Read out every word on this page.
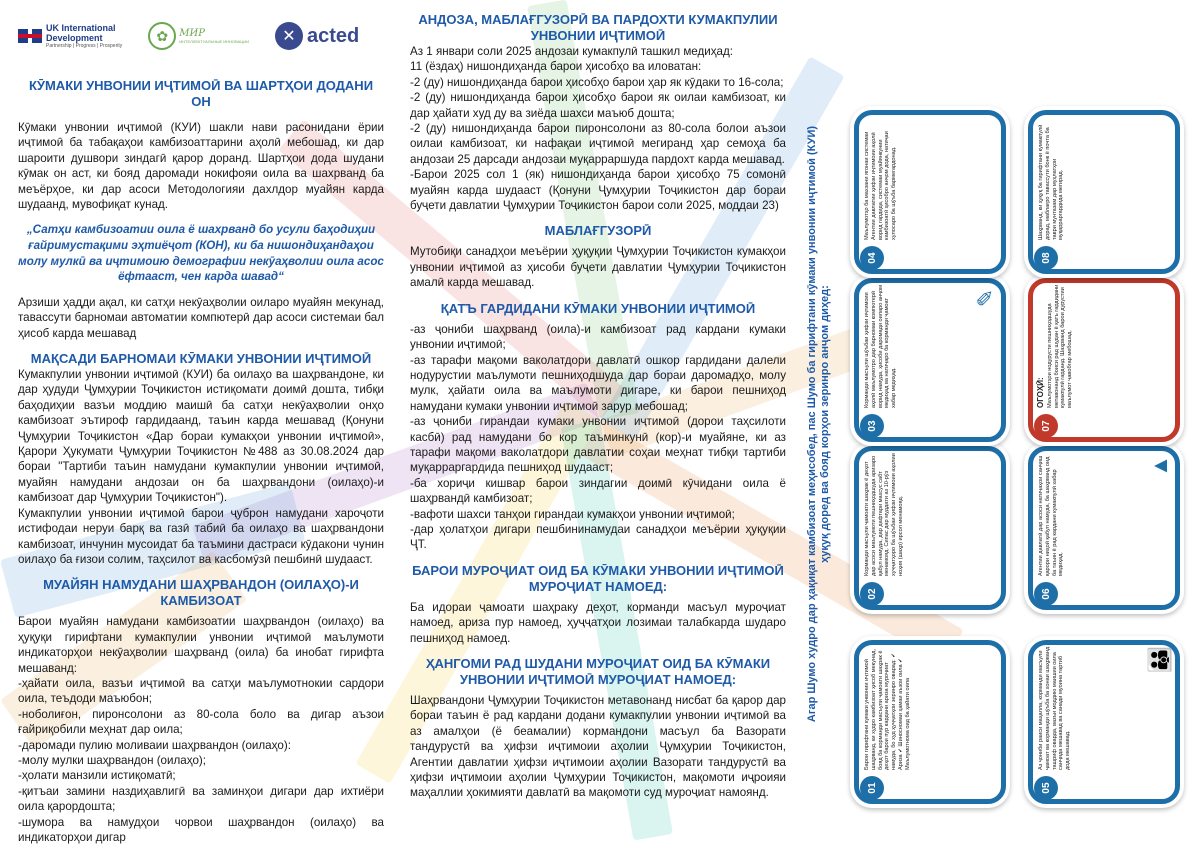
UK International
Development
Partnership | Progress | Prosperity
✿	МИР
ИНТЕЛЛЕКТУАЛЬНЫЕ ИННОВАЦИИ	✕ acted
КӮМАКИ УНВОНИИ ИҶТИМОӢ ВА ШАРТҲОИ ДОДАНИ ОН

Кӯмаки унвонии иҷтимоӣ (КУИ) шакли нави расонидани ёрии иҷтимоӣ ба табақаҳои камбизоаттарини аҳолӣ мебошад, ки дар шароити душвори зиндагӣ қарор доранд. Шартҳои дода шудани кӯмак он аст, ки бояд даромади нокифояи оила ва шахрванд ба меъёрҳое, ки дар асоси Методологияи дахлдор муайян карда шудаанд, мувофиқат кунад.

„Сатҳи камбизоатии оила ё шахрванд бо усули баҳодиҳии ғайримустақими эҳтиёҷот (КОН), ки ба нишондиҳандаҳои молу мулкӣ ва иҷтимоию демографии некӯаҳволии оила асос ёфтааст, чен карда шавад“

Арзиши ҳадди ақал, ки сатҳи некӯаҳволии оиларо муайян мекунад, тавассути барномаи автоматии компютерӣ дар асоси системаи бал ҳисоб карда мешавад

МАҚСАДИ БАРНОМАИ КӮМАКИ УНВОНИИ ИҶТИМОӢ

Кумакпулии унвонии иҷтимоӣ (КУИ) ба оилаҳо ва шаҳрвандоне, ки дар ҳудуди Ҷумҳурии Тоҷикистон истиқомати доимӣ дошта, тибқи баҳодиҳии вазъи моддию маишӣ ба сатҳи некӯаҳволии онҳо камбизоат эътироф гардидаанд, таъин карда мешавад (Қонуни Ҷумҳурии Тоҷикистон «Дар бораи кумакҳои унвонии иҷтимоӣ», Қарори Ҳукумати Ҷумҳурии Тоҷикистон №488 аз 30.08.2024 дар бораи "Тартиби таъин намудани кумакпулии унвонии иҷтимоӣ, муайян намудани андозаи он ба шаҳрвандони (оилаҳо)-и камбизоат дар Ҷумҳурии Тоҷикистон").

Кумакпулии унвонии иҷтимоӣ барои ҷуброн намудани хароҷоти истифодаи неруи барқ ва газӣ табиӣ ба оилаҳо ва шаҳрвандони камбизоат, инчунин мусоидат ба таъмини дастраси кӯдакони чунин оилаҳо ба ғизои солим, таҳсилот ва касбомӯзӣ пешбинӣ шудааст.

МУАЙЯН НАМУДАНИ ШАҲРВАНДОН (ОИЛАҲО)-И КАМБИЗОАТ

Барои муайян намудани камбизоатии шаҳрвандон (оилаҳо) ва ҳуқуқи гирифтани кумакпулии унвонии иҷтимоӣ маълумоти индикаторҳои некӯаҳволии шаҳрванд (оила) ба инобат гирифта мешаванд:

-ҳайати оила, вазъи иҷтимоӣ ва сатҳи маълумотнокии сардори оила, теъдоди маъюбон;
-ноболиғон, пиронсолони аз 80-сола боло ва дигар аъзои ғайриқобили меҳнат дар оила;
-даромади пулию моливаии шаҳрвандон (оилаҳо):
-молу мулки шаҳрвандон (оилаҳо);
-ҳолати манзили истиқоматӣ;
-қитъаи замини наздиҳавлигӣ ва заминҳои дигари дар ихтиёри оила қарордошта;
-шумора ва намудҳои чорвои шаҳрвандон (оилаҳо) ва индикаторҳои дигар
АНДОЗА, МАБЛАҒГУЗОРӢ ВА ПАРДОХТИ КУМАКПУЛИИ УНВОНИИ ИҶТИМОӢ
Аз 1 январи соли 2025 андозаи кумакпулӣ ташкил медиҳад:
11 (ёздаҳ) нишондиҳанда барои ҳисобҳо ва иловатан:
-2 (ду) нишондиҳанда барои ҳисобҳо барои ҳар як кӯдаки то 16-сола;
-2 (ду) нишондиҳанда барои ҳисобҳо барои як оилаи камбизоат, ки дар ҳайати худ ду ва зиёда шахси маъюб дошта;
-2 (ду) нишондиҳанда барои пиронсолони аз 80-сола болои аъзои оилаи камбизоат, ки нафақаи иҷтимоӣ мегиранд ҳар семоҳа ба андозаи 25 дарсади андозаи муқарраршуда пардохт карда мешавад.
-Барои 2025 сол 1 (як) нишондиҳанда барои ҳисобҳо 75 сомонӣ муайян карда шудааст (Қонуни Ҷумҳурии Тоҷикистон дар бораи буҷети давлатии Ҷумҳурии Тоҷикистон барои соли 2025, моддаи 23)
МАБЛАҒГУЗОРӢ

Мутобиқи санадҳои меъёрии ҳуқуқии Ҷумҳурии Тоҷикистон кумакҳои унвонии иҷтимоӣ аз ҳисоби буҷети давлатии Ҷумҳурии Тоҷикистон амалӣ карда мешавад.

ҚАТЪ ГАРДИДАНИ КӮМАКИ УНВОНИИ ИҶТИМОӢ
-аз ҷониби шаҳрванд (оила)-и камбизоат рад кардани кумаки унвонии иҷтимоӣ;
-аз тарафи мақоми ваколатдори давлатӣ ошкор гардидани далели нодурустии маълумоти пешниҳодшуда дар бораи даромадҳо, молу мулк, ҳайати оила ва маълумоти дигаре, ки барои пешниҳод намудани кумаки унвонии иҷтимоӣ зарур мебошад;
-аз ҷониби гирандаи кумаки унвонии иҷтимоӣ (дорои таҳсилоти касбӣ) рад намудани бо кор таъминкунӣ (кор)-и муайяне, ки аз тарафи мақоми ваколатдори давлатии соҳаи меҳнат тибқи тартиби муқарраргардида пешниҳод шудааст;
-ба хориҷи кишвар барои зиндагии доимӣ кӯчидани оила ё шаҳрвандӣ камбизоат;
-вафоти шахси танҳои гирандаи кумакҳои унвонии иҷтимоӣ;
-дар ҳолатҳои дигари пешбининамудаи санадҳои меъёрии ҳуқуқии ҶТ.
БАРОИ МУРОҶИАТ ОИД БА КӮМАКИ УНВОНИИ ИҶТИМОӢ МУРОҶИАТ НАМОЕД:

Ба идораи ҷамоати шаҳраку деҳот, корманди масъул муроҷиат намоед, ариза пур намоед, ҳуҷҷатҳои лозимаи талабкарда шударо пешниҳод намоед.

ҲАНГОМИ РАД ШУДАНИ МУРОҶИАТ ОИД БА КӮМАКИ УНВОНИИ ИҶТИМОӢ МУРОҶИАТ НАМОЕД:

Шаҳрвандони Ҷумҳурии Тоҷикистон метавонанд нисбат ба қарор дар бораи таъин ё рад кардани додани кумакпулии унвонии иҷтимоӣ ва аз амалҳои (ё беамалии) кормандони масъул ба Вазорати тандурустӣ ва ҳифзи иҷтимоии аҳолии Ҷумҳурии Тоҷикистон, Агентии давлатии ҳифзи иҷтимоии аҳолии Вазорати тандурустӣ ва ҳифзи иҷтимоии аҳолии Ҷумҳурии Тоҷикистон, мақомоти иҷроияи маҳаллии ҳокимияти давлатӣ ва мақомоти суд муроҷиат намоянд.

Агар Шумо худро дар ҳақиқат камбизоат меҳисобед, пас Шумо ба гирифтани кӯмаки унвонии иҷтимоӣ (КУИ) ҳуқуқ доред ва бояд корҳои зеринро анҷом диҳед:
01
Барои гирифтани кумаки унвонии иҷтимоӣ шаҳрванд, ки худро камбизоат ҳисоб мекунад, бояд ба корманди масъули ҷамоати шаҳрак ё деҳот барои пур кардани ариза муроҷиат намуда, бо худ ҳуҷҷатҳои зеринро оварад: ✔ Ариза ✔ Шиносномаи ҳамаи аъзои оила ✔ Маълумотнома оид ба ҳайати оила
02
Корманди масъули ҷамоати шаҳрак ё деҳот дар асоси маълумоти пешниҳодшуда аризаро қабул намуда, дар дафтари махсус сабт менамояд. Сипас дар муддати аз 10-рӯз хуҷҷатҳоро ба шӯъбаи ҳифзи иҷтимоии аҳолии ноҳия (шаҳр) ирсол менамояд.
03
Корманди масъули шӯъбаи ҳифзи иҷтимоии аҳолӣ маълумотро дар барномаи компютерӣ ворид намуда, ҳисоби даромади оиларо анҷом медиҳад ва натиҷаро ба корманди ҷамоат хабар медиҳад.
✎
04
Маълумотҳо ба махзани ягонаи системаи Агентии давлатии ҳифзи иҷтимоии аҳолӣ ворид гардида, системаи муайянкунии камбизоатӣ ҳисобро анҷом дода, натиҷаи хулосаро ба шӯъба бармегардонад.
05
Аз ҷониби раиси маҳалла, корманди масъули ҷамоат ва корманди шӯъба ба хонаи шаҳрванд ташриф оварда, вазъи моддию маишии оила санҷида мешавад ва санади муоина тартиб дода мешавад.
👪
06
Агентии давлатӣ дар асоси натиҷаҳои санҷиш қарори ниҳоӣ қабул намуда, ба шаҳрванд оид ба таъин ё рад кардани кумакпулӣ хабар медиҳад.
▲
07
ОГОҲӢ: Маълумотҳои нодурусти пешниҳодшуда метавонанд боиси рад шудан ё қатъ гардидани кумакпулӣ гарданд. Шаҳрванд барои дурустии маълумот ҷавобгар мебошад.
08
Шаҳрванд, ки ҳуқуқ ба гирифтани кумакпулӣ дорад, маблағро тавассути бонк ё почта ба таври мунтазам дар муҳлатҳои муқарраргардида мегирад.
